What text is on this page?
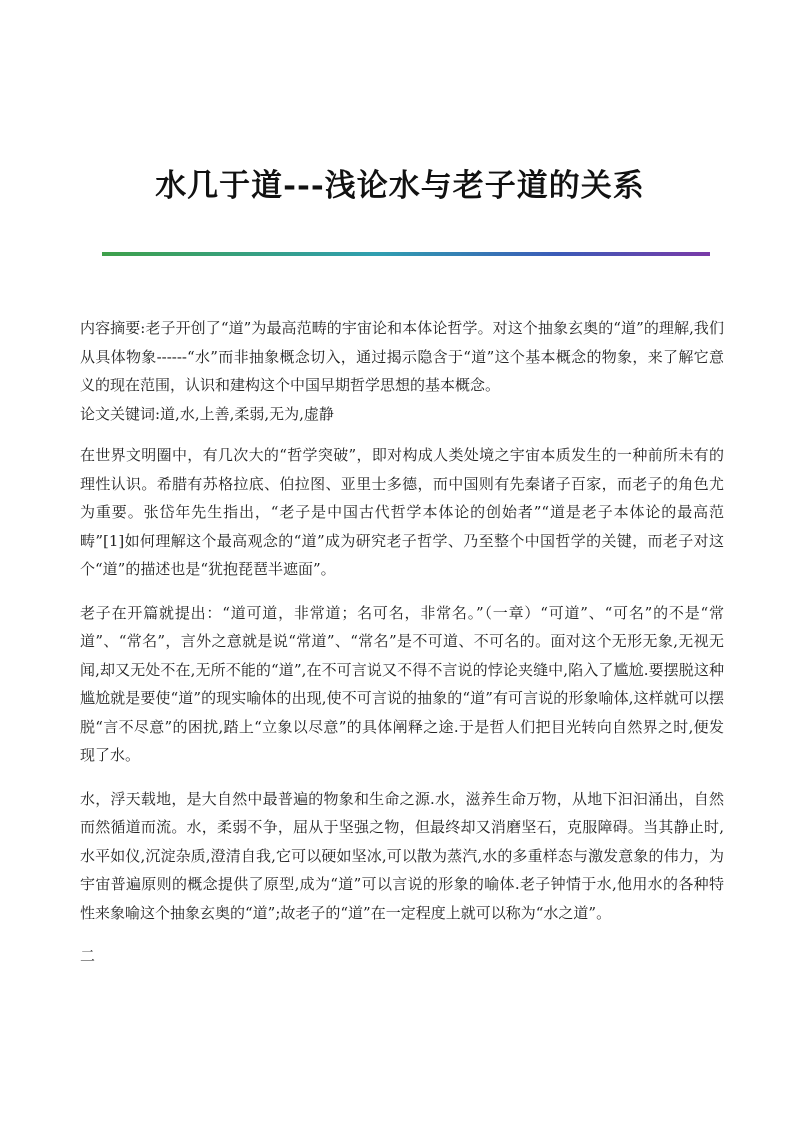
水几于道---浅论水与老子道的关系

内容摘要:老子开创了“道”为最高范畴的宇宙论和本体论哲学。对这个抽象玄奥的“道”的理解,我们从具体物象------“水”而非抽象概念切入，通过揭示隐含于“道”这个基本概念的物象，来了解它意义的现在范围，认识和建构这个中国早期哲学思想的基本概念。

论文关键词:道,水,上善,柔弱,无为,虚静

在世界文明圈中，有几次大的“哲学突破”，即对构成人类处境之宇宙本质发生的一种前所未有的理性认识。希腊有苏格拉底、伯拉图、亚里士多德，而中国则有先秦诸子百家，而老子的角色尤为重要。张岱年先生指出，“老子是中国古代哲学本体论的创始者”“道是老子本体论的最高范畴”[1]如何理解这个最高观念的“道”成为研究老子哲学、乃至整个中国哲学的关键，而老子对这个“道”的描述也是“犹抱琵琶半遮面”。

老子在开篇就提出：“道可道，非常道；名可名，非常名。”（一章）“可道”、“可名”的不是“常道”、“常名”，言外之意就是说“常道”、“常名”是不可道、不可名的。面对这个无形无象,无视无闻,却又无处不在,无所不能的“道”,在不可言说又不得不言说的悖论夹缝中,陷入了尴尬.要摆脱这种尴尬就是要使“道”的现实喻体的出现,使不可言说的抽象的“道”有可言说的形象喻体,这样就可以摆脱“言不尽意”的困扰,踏上“立象以尽意”的具体阐释之途.于是哲人们把目光转向自然界之时,便发现了水。

水，浮天载地，是大自然中最普遍的物象和生命之源.水，滋养生命万物，从地下汩汩涌出，自然而然循道而流。水，柔弱不争，屈从于坚强之物，但最终却又消磨坚石，克服障碍。当其静止时,水平如仪,沉淀杂质,澄清自我,它可以硬如坚冰,可以散为蒸汽,水的多重样态与激发意象的伟力，为宇宙普遍原则的概念提供了原型,成为“道”可以言说的形象的喻体.老子钟情于水,他用水的各种特性来象喻这个抽象玄奥的“道”;故老子的“道”在一定程度上就可以称为“水之道”。

二
